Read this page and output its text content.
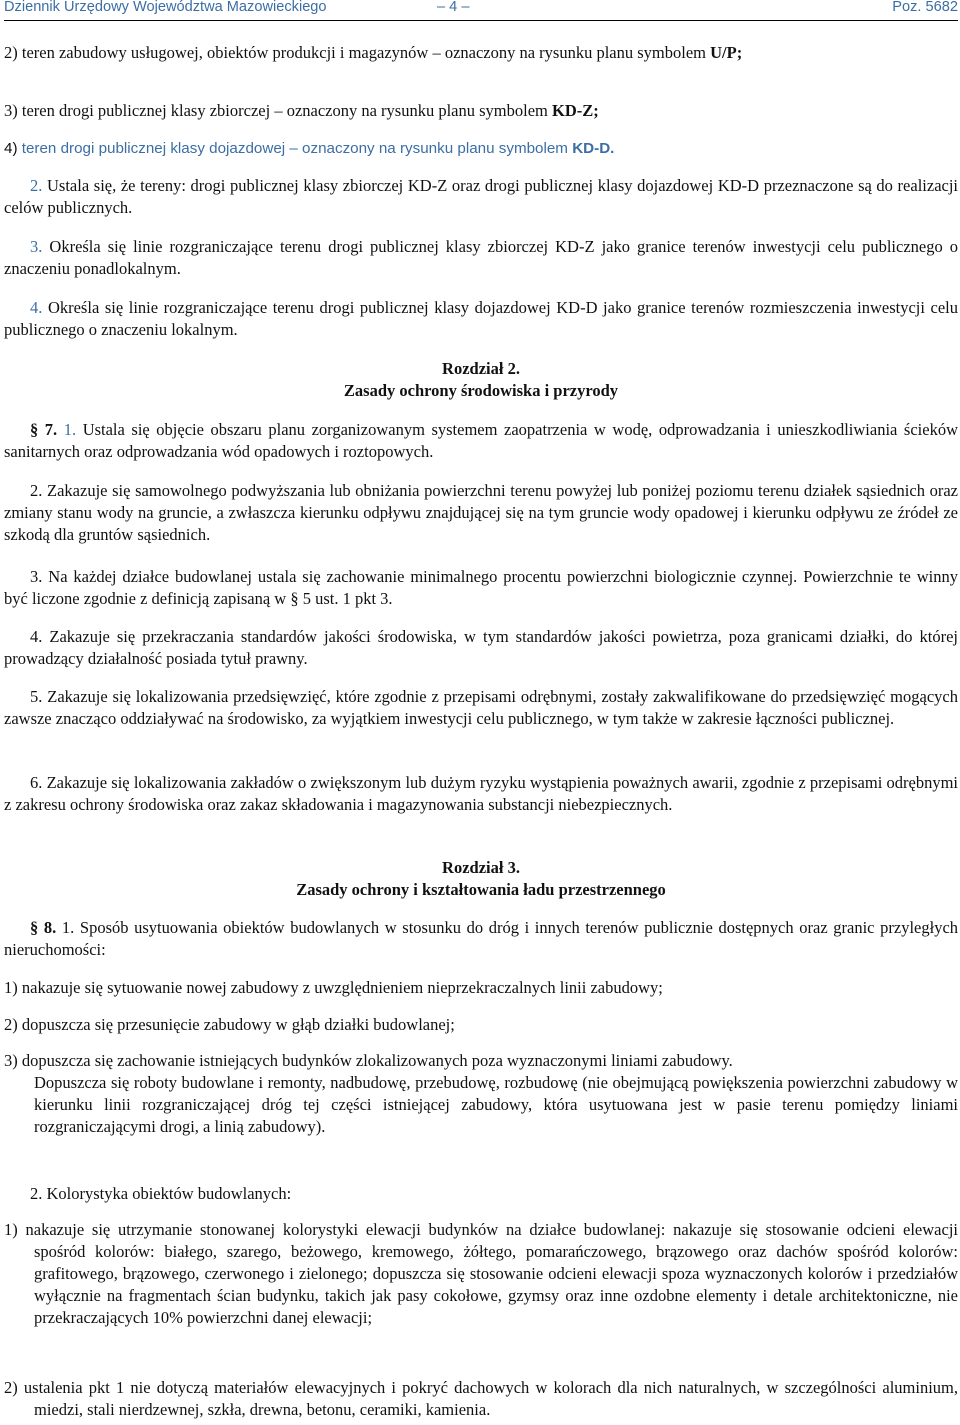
Dziennik Urzędowy Województwa Mazowieckiego	– 4 –	Poz. 5682

2) teren zabudowy usługowej, obiektów produkcji i magazynów – oznaczony na rysunku planu symbolem U/P;

3) teren drogi publicznej klasy zbiorczej – oznaczony na rysunku planu symbolem KD-Z;

4) teren drogi publicznej klasy dojazdowej – oznaczony na rysunku planu symbolem KD-D.

2. Ustala się, że tereny: drogi publicznej klasy zbiorczej KD-Z oraz drogi publicznej klasy dojazdowej KD-D przeznaczone są do realizacji celów publicznych.

3. Określa się linie rozgraniczające terenu drogi publicznej klasy zbiorczej KD-Z jako granice terenów inwestycji celu publicznego o znaczeniu ponadlokalnym.

4. Określa się linie rozgraniczające terenu drogi publicznej klasy dojazdowej KD-D jako granice terenów rozmieszczenia inwestycji celu publicznego o znaczeniu lokalnym.

Rozdział 2.

Zasady ochrony środowiska i przyrody

§ 7. 1. Ustala się objęcie obszaru planu zorganizowanym systemem zaopatrzenia w wodę, odprowadzania i unieszkodliwiania ścieków sanitarnych oraz odprowadzania wód opadowych i roztopowych.

2. Zakazuje się samowolnego podwyższania lub obniżania powierzchni terenu powyżej lub poniżej poziomu terenu działek sąsiednich oraz zmiany stanu wody na gruncie, a zwłaszcza kierunku odpływu znajdującej się na tym gruncie wody opadowej i kierunku odpływu ze źródeł ze szkodą dla gruntów sąsiednich.

3. Na każdej działce budowlanej ustala się zachowanie minimalnego procentu powierzchni biologicznie czynnej. Powierzchnie te winny być liczone zgodnie z definicją zapisaną w § 5 ust. 1 pkt 3.

4. Zakazuje się przekraczania standardów jakości środowiska, w tym standardów jakości powietrza, poza granicami działki, do której prowadzący działalność posiada tytuł prawny.

5. Zakazuje się lokalizowania przedsięwzięć, które zgodnie z przepisami odrębnymi, zostały zakwalifikowane do przedsięwzięć mogących zawsze znacząco oddziaływać na środowisko, za wyjątkiem inwestycji celu publicznego, w tym także w zakresie łączności publicznej.

6. Zakazuje się lokalizowania zakładów o zwiększonym lub dużym ryzyku wystąpienia poważnych awarii, zgodnie z przepisami odrębnymi z zakresu ochrony środowiska oraz zakaz składowania i magazynowania substancji niebezpiecznych.

Rozdział 3.

Zasady ochrony i kształtowania ładu przestrzennego

§ 8. 1. Sposób usytuowania obiektów budowlanych w stosunku do dróg i innych terenów publicznie dostępnych oraz granic przyległych nieruchomości:

1) nakazuje się sytuowanie nowej zabudowy z uwzględnieniem nieprzekraczalnych linii zabudowy;

2) dopuszcza się przesunięcie zabudowy w głąb działki budowlanej;

3) dopuszcza się zachowanie istniejących budynków zlokalizowanych poza wyznaczonymi liniami zabudowy.

Dopuszcza się roboty budowlane i remonty, nadbudowę, przebudowę, rozbudowę (nie obejmującą powiększenia powierzchni zabudowy w kierunku linii rozgraniczającej dróg tej części istniejącej zabudowy, która usytuowana jest w pasie terenu pomiędzy liniami rozgraniczającymi drogi, a linią zabudowy).

2. Kolorystyka obiektów budowlanych:

1) nakazuje się utrzymanie stonowanej kolorystyki elewacji budynków na działce budowlanej: nakazuje się stosowanie odcieni elewacji spośród kolorów: białego, szarego, beżowego, kremowego, żółtego, pomarańczowego, brązowego oraz dachów spośród kolorów: grafitowego, brązowego, czerwonego i zielonego; dopuszcza się stosowanie odcieni elewacji spoza wyznaczonych kolorów i przedziałów wyłącznie na fragmentach ścian budynku, takich jak pasy cokołowe, gzymsy oraz inne ozdobne elementy i detale architektoniczne, nie przekraczających 10% powierzchni danej elewacji;

2) ustalenia pkt 1 nie dotyczą materiałów elewacyjnych i pokryć dachowych w kolorach dla nich naturalnych, w szczególności aluminium, miedzi, stali nierdzewnej, szkła, drewna, betonu, ceramiki, kamienia.
